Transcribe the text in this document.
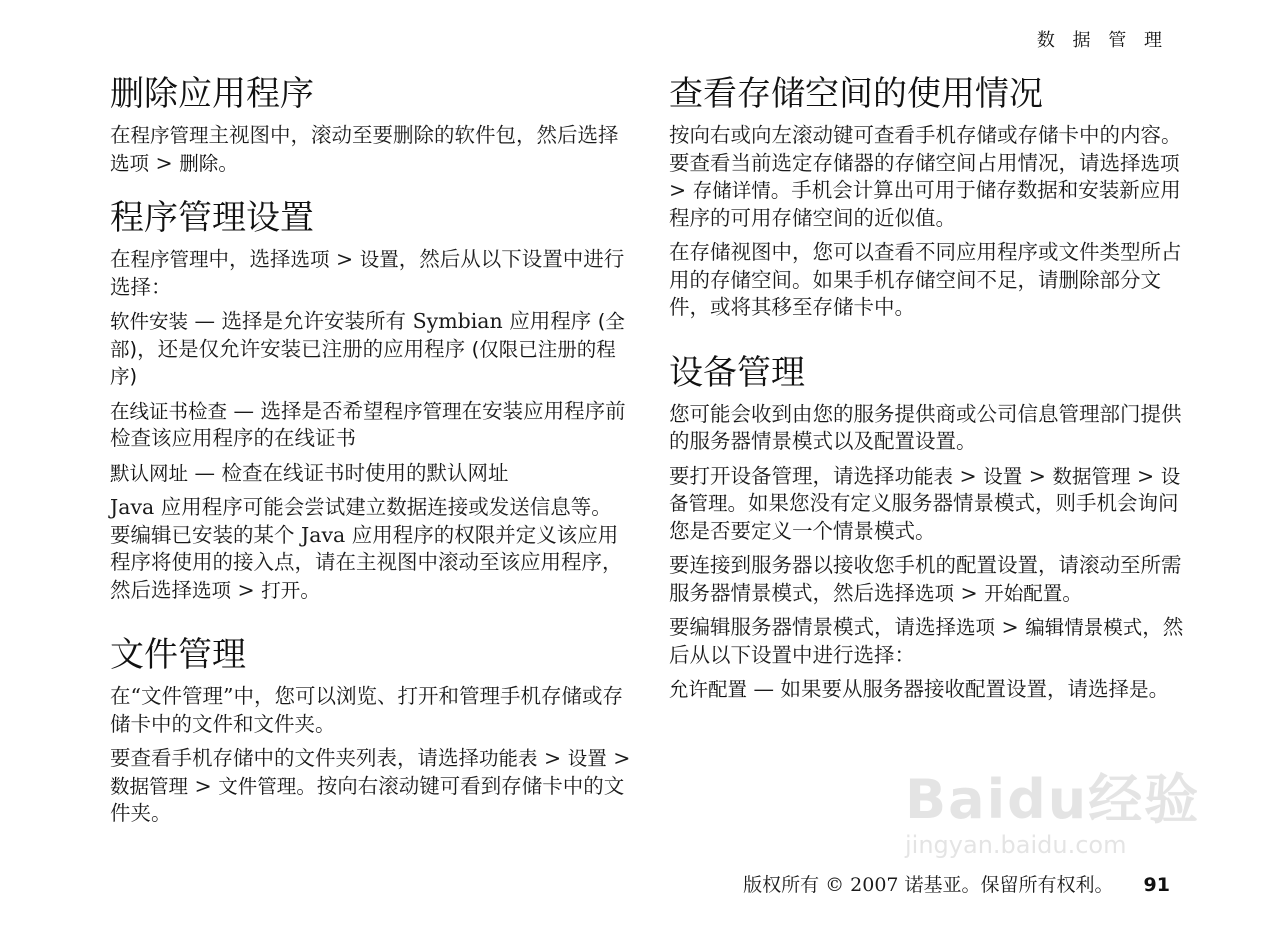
数 据 管 理
删除应用程序

在程序管理主视图中，滚动至要删除的软件包，然后选择选项 > 删除。

程序管理设置

在程序管理中，选择选项 > 设置，然后从以下设置中进行选择：

软件安装 — 选择是允许安装所有 Symbian 应用程序 (全部)，还是仅允许安装已注册的应用程序 (仅限已注册的程序)

在线证书检查 — 选择是否希望程序管理在安装应用程序前检查该应用程序的在线证书

默认网址 — 检查在线证书时使用的默认网址

Java 应用程序可能会尝试建立数据连接或发送信息等。要编辑已安装的某个 Java 应用程序的权限并定义该应用程序将使用的接入点，请在主视图中滚动至该应用程序，然后选择选项 > 打开。

文件管理

在“文件管理”中，您可以浏览、打开和管理手机存储或存储卡中的文件和文件夹。

要查看手机存储中的文件夹列表，请选择功能表 > 设置 > 数据管理 > 文件管理。按向右滚动键可看到存储卡中的文件夹。

查看存储空间的使用情况

按向右或向左滚动键可查看手机存储或存储卡中的内容。要查看当前选定存储器的存储空间占用情况，请选择选项 > 存储详情。手机会计算出可用于储存数据和安装新应用程序的可用存储空间的近似值。

在存储视图中，您可以查看不同应用程序或文件类型所占用的存储空间。如果手机存储空间不足，请删除部分文件，或将其移至存储卡中。

设备管理

您可能会收到由您的服务提供商或公司信息管理部门提供的服务器情景模式以及配置设置。

要打开设备管理，请选择功能表 > 设置 > 数据管理 > 设备管理。如果您没有定义服务器情景模式，则手机会询问您是否要定义一个情景模式。

要连接到服务器以接收您手机的配置设置，请滚动至所需服务器情景模式，然后选择选项 > 开始配置。

要编辑服务器情景模式，请选择选项 > 编辑情景模式，然后从以下设置中进行选择：

允许配置 — 如果要从服务器接收配置设置，请选择是。

版权所有 © 2007 诺基亚。保留所有权利。 91
Baidu经验
jingyan.baidu.com
